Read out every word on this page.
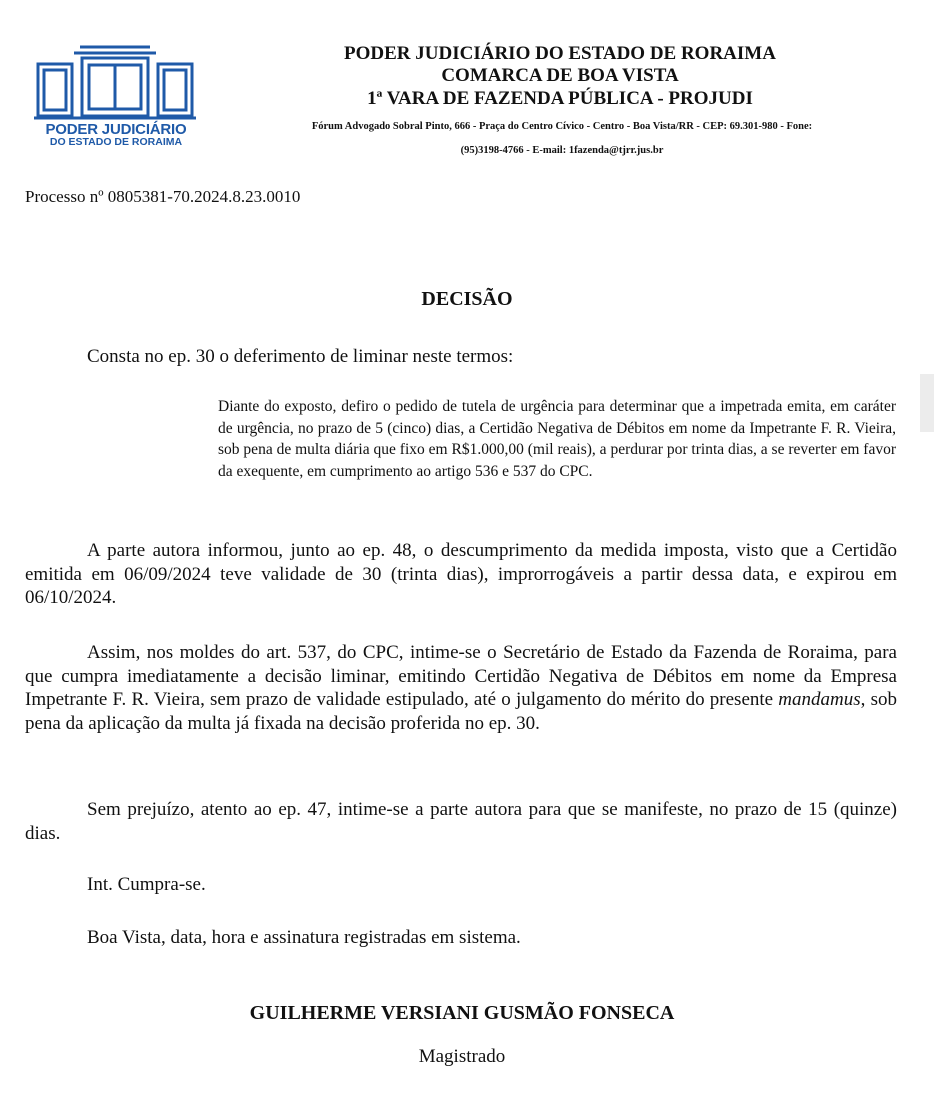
PODER JUDICIÁRIO
DO ESTADO DE RORAIMA
PODER JUDICIÁRIO DO ESTADO DE RORAIMA
COMARCA DE BOA VISTA
1ª VARA DE FAZENDA PÚBLICA - PROJUDI
Fórum Advogado Sobral Pinto, 666 - Praça do Centro Cívico - Centro - Boa Vista/RR - CEP: 69.301-980 - Fone:
(95)3198-4766 - E-mail: 1fazenda@tjrr.jus.br
Processo nº 0805381-70.2024.8.23.0010
DECISÃO

Consta no ep. 30 o deferimento de liminar neste termos:

Diante do exposto, defiro o pedido de tutela de urgência para determinar que a impetrada emita, em caráter de urgência, no prazo de 5 (cinco) dias, a Certidão Negativa de Débitos em nome da Impetrante F. R. Vieira, sob pena de multa diária que fixo em R$1.000,00 (mil reais), a perdurar por trinta dias, a se reverter em favor da exequente, em cumprimento ao artigo 536 e 537 do CPC.

A parte autora informou, junto ao ep. 48, o descumprimento da medida imposta, visto que a Certidão emitida em 06/09/2024 teve validade de 30 (trinta dias), improrrogáveis a partir dessa data, e expirou em 06/10/2024.

Assim, nos moldes do art. 537, do CPC, intime-se o Secretário de Estado da Fazenda de Roraima, para que cumpra imediatamente a decisão liminar, emitindo Certidão Negativa de Débitos em nome da Empresa Impetrante F. R. Vieira, sem prazo de validade estipulado, até o julgamento do mérito do presente mandamus, sob pena da aplicação da multa já fixada na decisão proferida no ep. 30.

Sem prejuízo, atento ao ep. 47, intime-se a parte autora para que se manifeste, no prazo de 15 (quinze) dias.

Int. Cumpra-se.

Boa Vista, data, hora e assinatura registradas em sistema.

GUILHERME VERSIANI GUSMÃO FONSECA
Magistrado
